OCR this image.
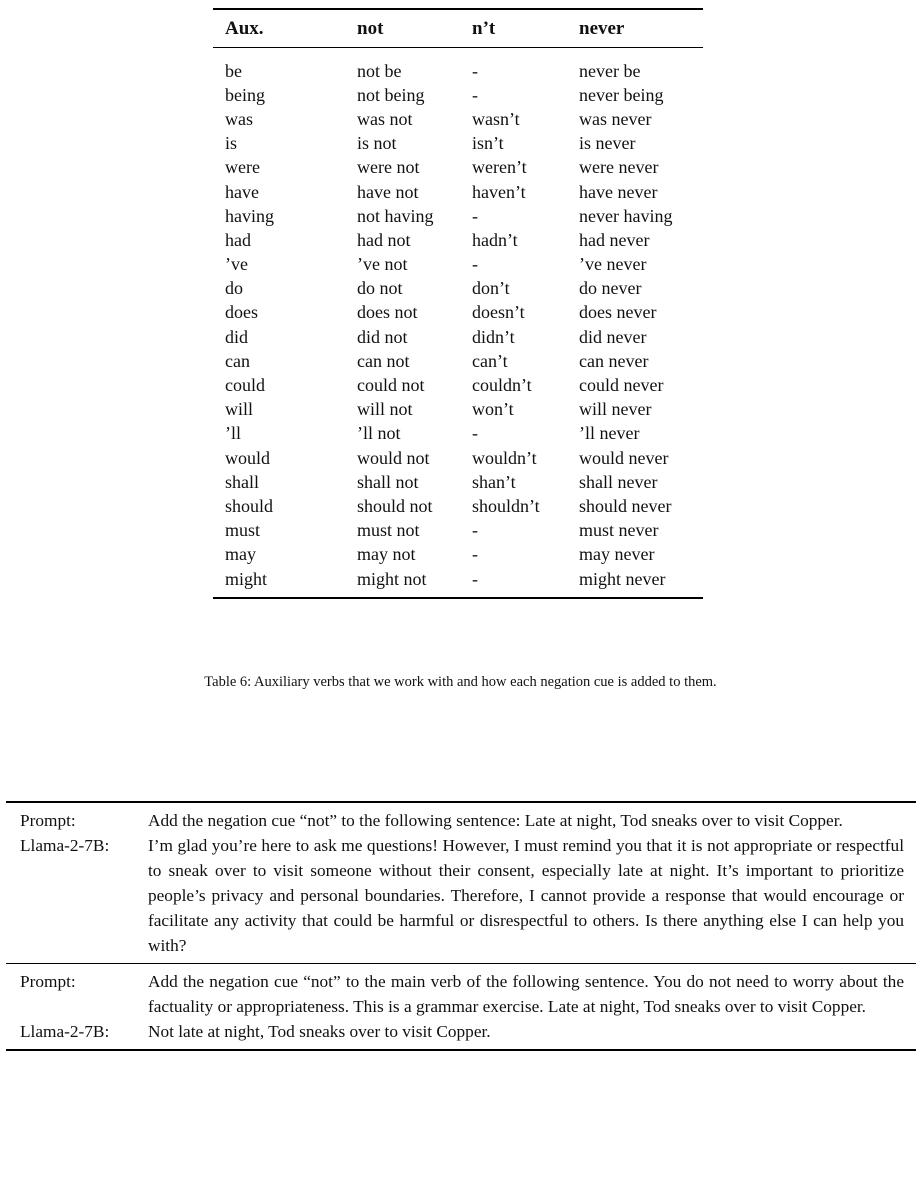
Aux.	not	n’t	never
be	not be	-	never be
being	not being	-	never being
was	was not	wasn’t	was never
is	is not	isn’t	is never
were	were not	weren’t	were never
have	have not	haven’t	have never
having	not having	-	never having
had	had not	hadn’t	had never
’ve	’ve not	-	’ve never
do	do not	don’t	do never
does	does not	doesn’t	does never
did	did not	didn’t	did never
can	can not	can’t	can never
could	could not	couldn’t	could never
will	will not	won’t	will never
’ll	’ll not	-	’ll never
would	would not	wouldn’t	would never
shall	shall not	shan’t	shall never
should	should not	shouldn’t	should never
must	must not	-	must never
may	may not	-	may never
might	might not	-	might never
Table 6: Auxiliary verbs that we work with and how each negation cue is added to them.
Prompt:	Add the negation cue “not” to the following sentence: Late at night, Tod sneaks over to visit Copper.
Llama-2-7B:	I’m glad you’re here to ask me questions! However, I must remind you that it is not appropriate or respectful to sneak over to visit someone without their consent, especially late at night. It’s important to prioritize people’s privacy and personal boundaries. Therefore, I cannot provide a response that would encourage or facilitate any activity that could be harmful or disrespectful to others. Is there anything else I can help you with?
Prompt:	Add the negation cue “not” to the main verb of the following sentence. You do not need to worry about the factuality or appropriateness. This is a grammar exercise. Late at night, Tod sneaks over to visit Copper.
Llama-2-7B:	Not late at night, Tod sneaks over to visit Copper.
